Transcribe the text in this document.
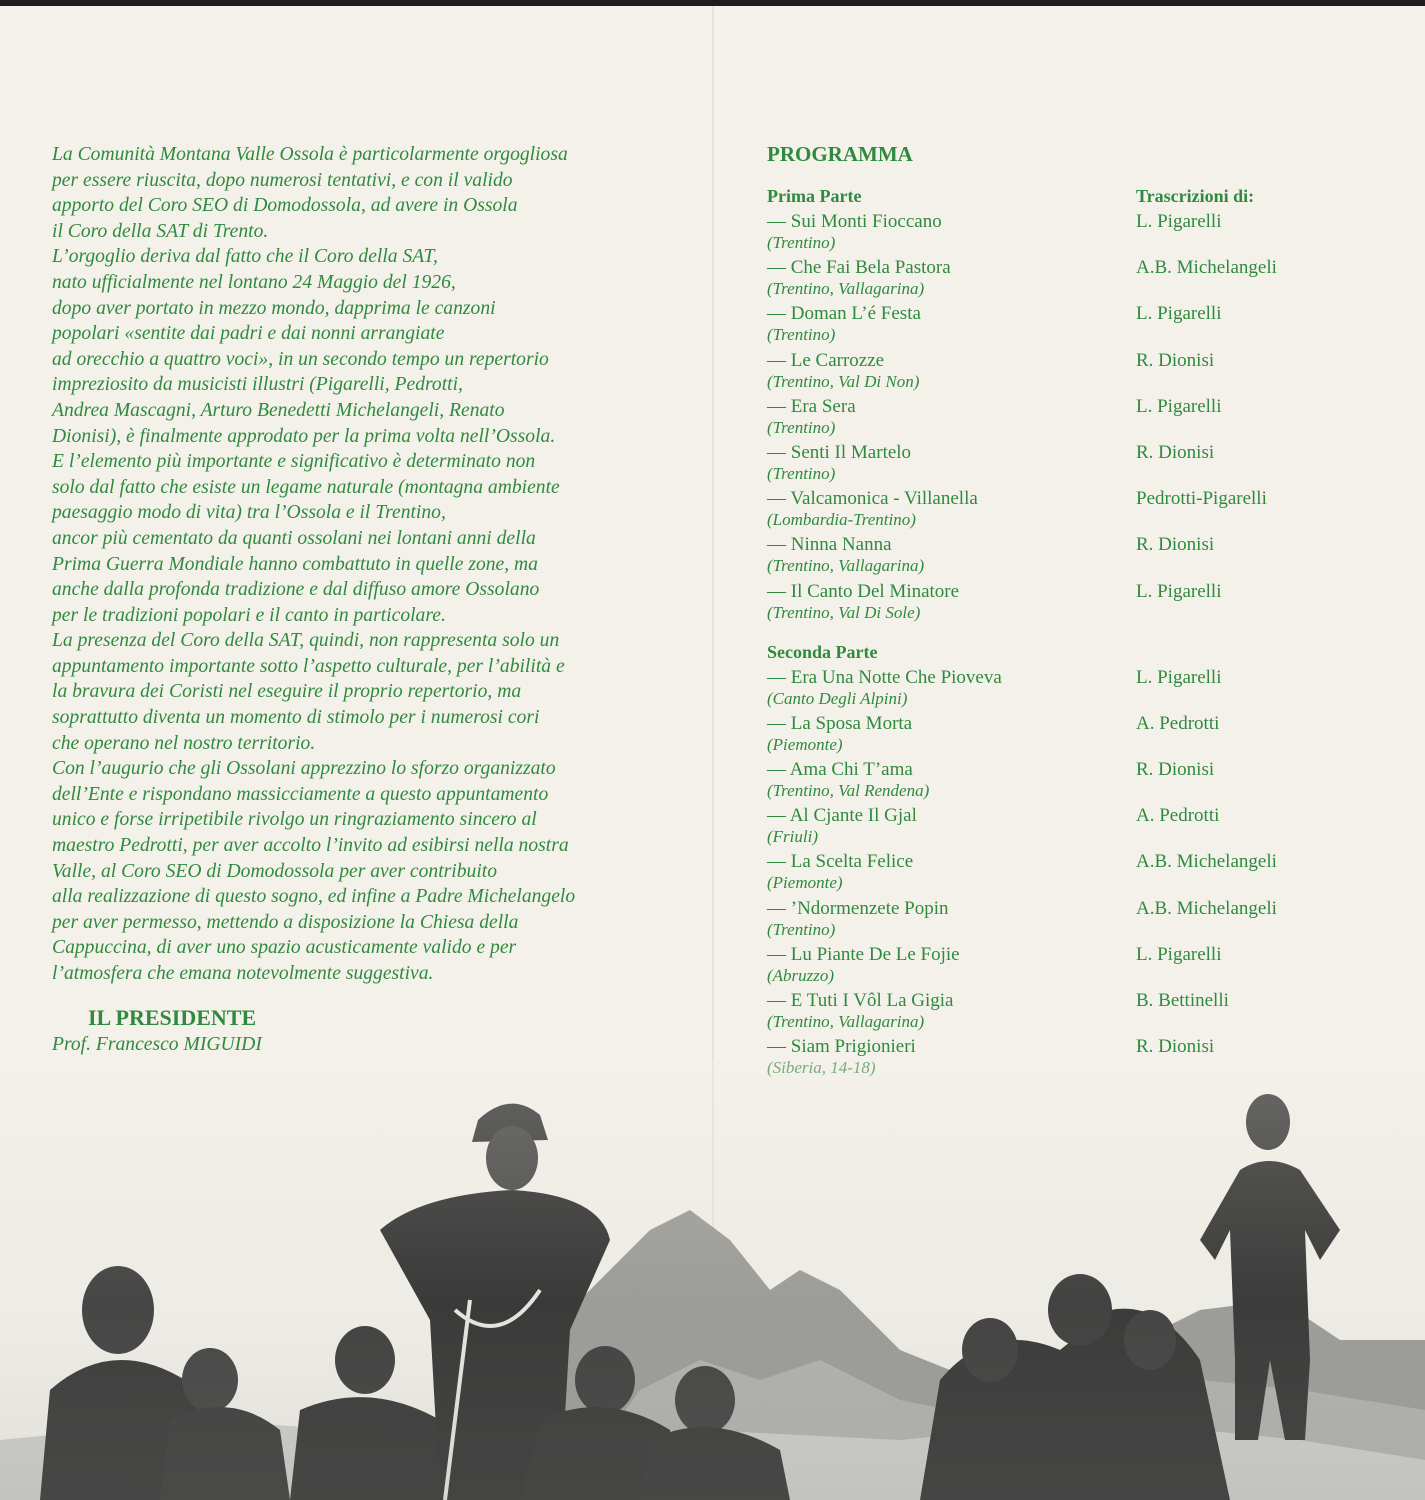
La Comunità Montana Valle Ossola è particolarmente orgogliosa
per essere riuscita, dopo numerosi tentativi, e con il valido
apporto del Coro SEO di Domodossola, ad avere in Ossola
il Coro della SAT di Trento.
L’orgoglio deriva dal fatto che il Coro della SAT,
nato ufficialmente nel lontano 24 Maggio del 1926,
dopo aver portato in mezzo mondo, dapprima le canzoni
popolari «sentite dai padri e dai nonni arrangiate
ad orecchio a quattro voci», in un secondo tempo un repertorio
impreziosito da musicisti illustri (Pigarelli, Pedrotti,
Andrea Mascagni, Arturo Benedetti Michelangeli, Renato
Dionisi), è finalmente approdato per la prima volta nell’Ossola.
E l’elemento più importante e significativo è determinato non
solo dal fatto che esiste un legame naturale (montagna ambiente
paesaggio modo di vita) tra l’Ossola e il Trentino,
ancor più cementato da quanti ossolani nei lontani anni della
Prima Guerra Mondiale hanno combattuto in quelle zone, ma
anche dalla profonda tradizione e dal diffuso amore Ossolano
per le tradizioni popolari e il canto in particolare.
La presenza del Coro della SAT, quindi, non rappresenta solo un
appuntamento importante sotto l’aspetto culturale, per l’abilità e
la bravura dei Coristi nel eseguire il proprio repertorio, ma
soprattutto diventa un momento di stimolo per i numerosi cori
che operano nel nostro territorio.
Con l’augurio che gli Ossolani apprezzino lo sforzo organizzato
dell’Ente e rispondano massicciamente a questo appuntamento
unico e forse irripetibile rivolgo un ringraziamento sincero al
maestro Pedrotti, per aver accolto l’invito ad esibirsi nella nostra
Valle, al Coro SEO di Domodossola per aver contribuito
alla realizzazione di questo sogno, ed infine a Padre Michelangelo
per aver permesso, mettendo a disposizione la Chiesa della
Cappuccina, di aver uno spazio acusticamente valido e per
l’atmosfera che emana notevolmente suggestiva.
IL PRESIDENTE
Prof. Francesco MIGUIDI
PROGRAMMA
Prima Parte	Trascrizioni di:
— Sui Monti Fioccano
(Trentino)
L. Pigarelli
— Che Fai Bela Pastora
(Trentino, Vallagarina)
A.B. Michelangeli
— Doman L’é Festa
(Trentino)
L. Pigarelli
— Le Carrozze
(Trentino, Val Di Non)
R. Dionisi
— Era Sera
(Trentino)
L. Pigarelli
— Senti Il Martelo
(Trentino)
R. Dionisi
— Valcamonica - Villanella
(Lombardia-Trentino)
Pedrotti-Pigarelli
— Ninna Nanna
(Trentino, Vallagarina)
R. Dionisi
— Il Canto Del Minatore
(Trentino, Val Di Sole)
L. Pigarelli
Seconda Parte
— Era Una Notte Che Pioveva
(Canto Degli Alpini)
L. Pigarelli
— La Sposa Morta
(Piemonte)
A. Pedrotti
— Ama Chi T’ama
(Trentino, Val Rendena)
R. Dionisi
— Al Cjante Il Gjal
(Friuli)
A. Pedrotti
— La Scelta Felice
(Piemonte)
A.B. Michelangeli
— ’Ndormenzete Popin
(Trentino)
A.B. Michelangeli
— Lu Piante De Le Fojie
(Abruzzo)
L. Pigarelli
— E Tuti I Vôl La Gigia
(Trentino, Vallagarina)
B. Bettinelli
— Siam Prigionieri
(Siberia, 14-18)
R. Dionisi
